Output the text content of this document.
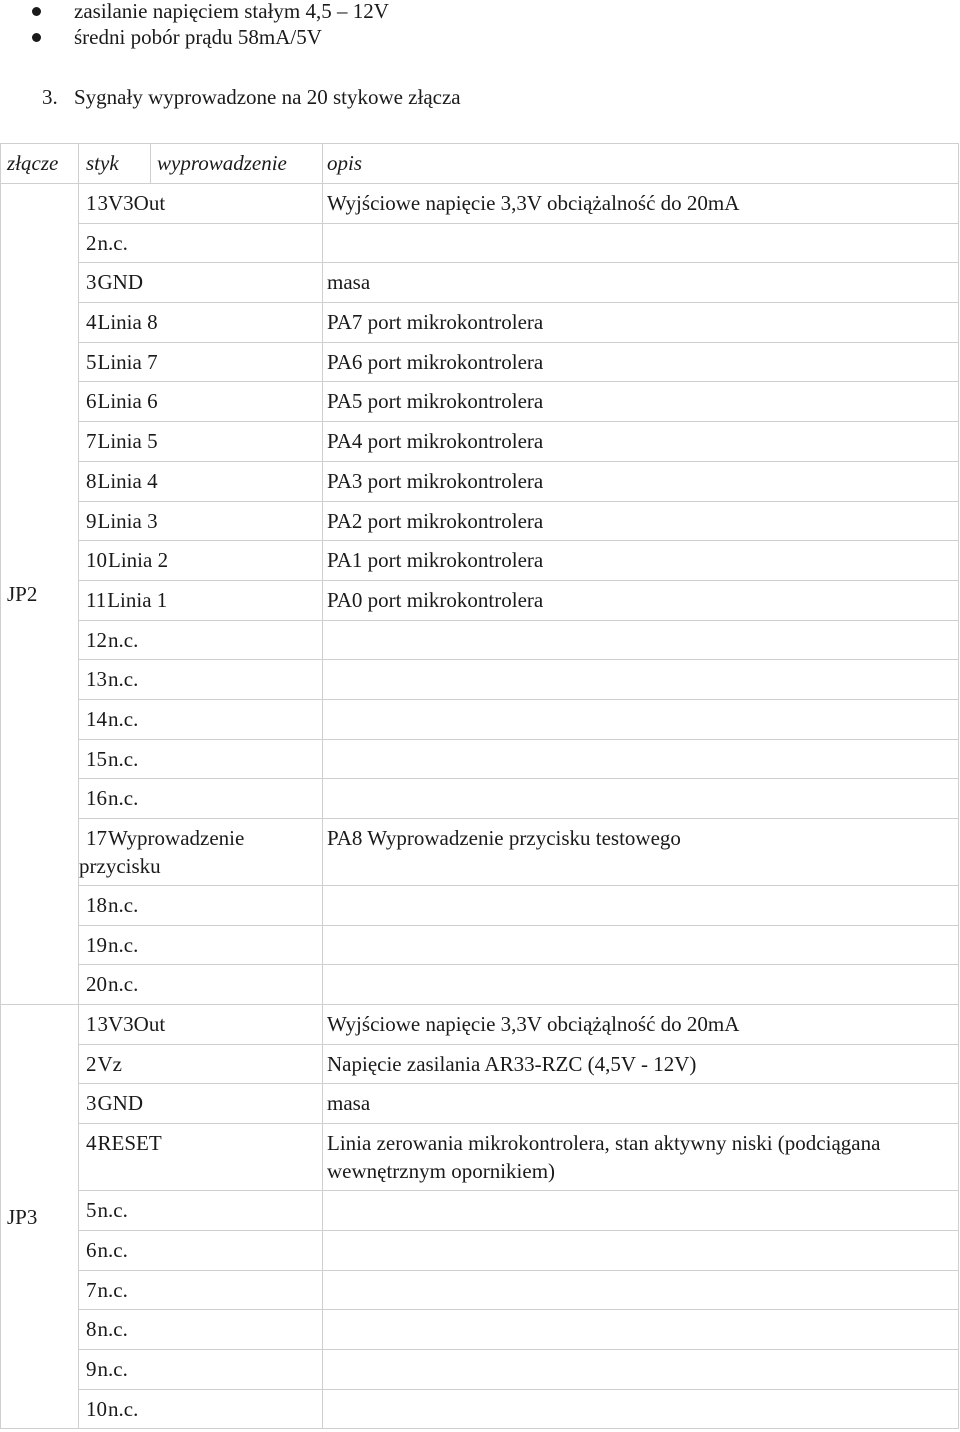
zasilanie napięciem stałym 4,5 – 12V
średni pobór prądu 58mA/5V
3. Sygnały wyprowadzone na 20 stykowe złącza
złącze	styk	wyprowadzenie	opis
JP2	13V3Out		Wyjściowe napięcie 3,3V obciążalność do 20mA

	2n.c.		

	3GND		masa

	4Linia 8		PA7 port mikrokontrolera

	5Linia 7		PA6 port mikrokontrolera

	6Linia 6		PA5 port mikrokontrolera

	7Linia 5		PA4 port mikrokontrolera

	8Linia 4		PA3 port mikrokontrolera

	9Linia 3		PA2 port mikrokontrolera

	10Linia 2		PA1 port mikrokontrolera

	11Linia 1		PA0 port mikrokontrolera

	12n.c.		

	13n.c.		

	14n.c.		

	15n.c.		

	16n.c.		

	17Wyprowadzenie przycisku		PA8 Wyprowadzenie przycisku testowego

	18n.c.		

	19n.c.		

	20n.c.		

JP3	13V3Out		Wyjściowe napięcie 3,3V obciążąlność do 20mA

	2Vz		Napięcie zasilania AR33-RZC (4,5V - 12V)

	3GND		masa

	4RESET		Linia zerowania mikrokontrolera, stan aktywny niski (podciągana wewnętrznym opornikiem)

	5n.c.		

	6n.c.		

	7n.c.		

	8n.c.		

	9n.c.		

	10n.c.		
